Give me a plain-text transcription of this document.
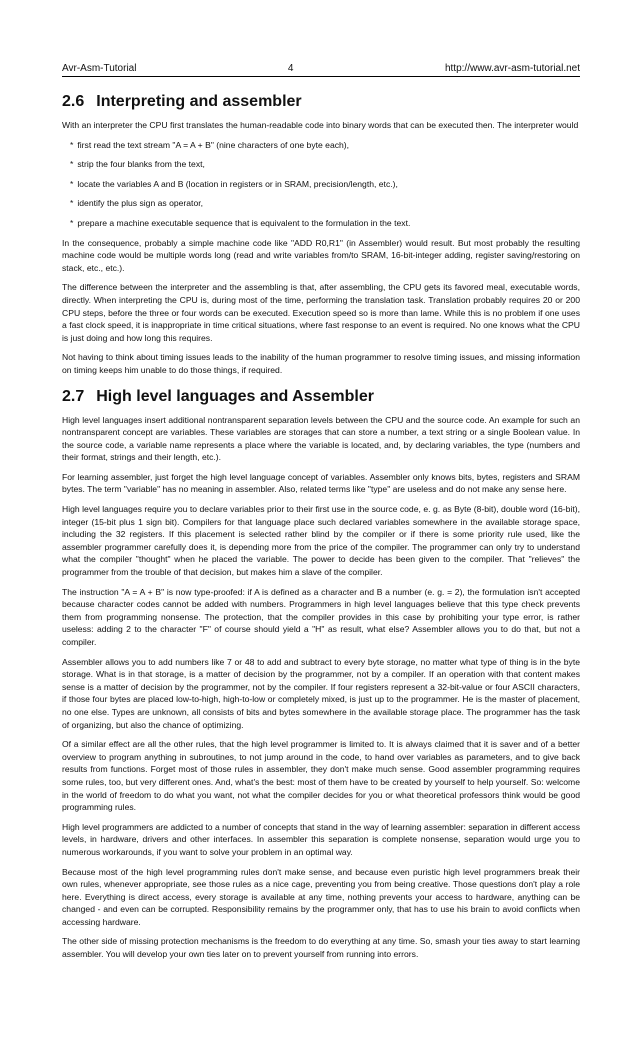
Avr-Asm-Tutorial	4	http://www.avr-asm-tutorial.net
2.6 Interpreting and assembler

With an interpreter the CPU first translates the human-readable code into binary words that can be executed then. The interpreter would

* first read the text stream "A = A + B" (nine characters of one byte each),
* strip the four blanks from the text,
* locate the variables A and B (location in registers or in SRAM, precision/length, etc.),
* identify the plus sign as operator,
* prepare a machine executable sequence that is equivalent to the formulation in the text.

In the consequence, probably a simple machine code like "ADD R0,R1" (in Assembler) would result. But most probably the resulting machine code would be multiple words long (read and write variables from/to SRAM, 16-bit-integer adding, register saving/restoring on stack, etc., etc.).

The difference between the interpreter and the assembling is that, after assembling, the CPU gets its favored meal, executable words, directly. When interpreting the CPU is, during most of the time, performing the translation task. Translation probably requires 20 or 200 CPU steps, before the three or four words can be executed. Execution speed so is more than lame. While this is no problem if one uses a fast clock speed, it is inappropriate in time critical situations, where fast response to an event is required. No one knows what the CPU is just doing and how long this requires.

Not having to think about timing issues leads to the inability of the human programmer to resolve timing issues, and missing information on timing keeps him unable to do those things, if required.

2.7 High level languages and Assembler

High level languages insert additional nontransparent separation levels between the CPU and the source code. An example for such an nontransparent concept are variables. These variables are storages that can store a number, a text string or a single Boolean value. In the source code, a variable name represents a place where the variable is located, and, by declaring variables, the type (numbers and their format, strings and their length, etc.).

For learning assembler, just forget the high level language concept of variables. Assembler only knows bits, bytes, registers and SRAM bytes. The term "variable" has no meaning in assembler. Also, related terms like "type" are useless and do not make any sense here.

High level languages require you to declare variables prior to their first use in the source code, e. g. as Byte (8-bit), double word (16-bit), integer (15-bit plus 1 sign bit). Compilers for that language place such declared variables somewhere in the available storage space, including the 32 registers. If this placement is selected rather blind by the compiler or if there is some priority rule used, like the assembler programmer carefully does it, is depending more from the price of the compiler. The programmer can only try to understand what the compiler "thought" when he placed the variable. The power to decide has been given to the compiler. That "relieves" the programmer from the trouble of that decision, but makes him a slave of the compiler.

The instruction "A = A + B" is now type-proofed: if A is defined as a character and B a number (e. g. = 2), the formulation isn't accepted because character codes cannot be added with numbers. Programmers in high level languages believe that this type check prevents them from programming nonsense. The protection, that the compiler provides in this case by prohibiting your type error, is rather useless: adding 2 to the character "F" of course should yield a "H" as result, what else? Assembler allows you to do that, but not a compiler.

Assembler allows you to add numbers like 7 or 48 to add and subtract to every byte storage, no matter what type of thing is in the byte storage. What is in that storage, is a matter of decision by the programmer, not by a compiler. If an operation with that content makes sense is a matter of decision by the programmer, not by the compiler. If four registers represent a 32-bit-value or four ASCII characters, if those four bytes are placed low-to-high, high-to-low or completely mixed, is just up to the programmer. He is the master of placement, no one else. Types are unknown, all consists of bits and bytes somewhere in the available storage place. The programmer has the task of organizing, but also the chance of optimizing.

Of a similar effect are all the other rules, that the high level programmer is limited to. It is always claimed that it is saver and of a better overview to program anything in subroutines, to not jump around in the code, to hand over variables as parameters, and to give back results from functions. Forget most of those rules in assembler, they don't make much sense. Good assembler programming requires some rules, too, but very different ones. And, what's the best: most of them have to be created by yourself to help yourself. So: welcome in the world of freedom to do what you want, not what the compiler decides for you or what theoretical professors think would be good programming rules.

High level programmers are addicted to a number of concepts that stand in the way of learning assembler: separation in different access levels, in hardware, drivers and other interfaces. In assembler this separation is complete nonsense, separation would urge you to numerous workarounds, if you want to solve your problem in an optimal way.

Because most of the high level programming rules don't make sense, and because even puristic high level programmers break their own rules, whenever appropriate, see those rules as a nice cage, preventing you from being creative. Those questions don't play a role here. Everything is direct access, every storage is available at any time, nothing prevents your access to hardware, anything can be changed - and even can be corrupted. Responsibility remains by the programmer only, that has to use his brain to avoid conflicts when accessing hardware.

The other side of missing protection mechanisms is the freedom to do everything at any time. So, smash your ties away to start learning assembler. You will develop your own ties later on to prevent yourself from running into errors.
